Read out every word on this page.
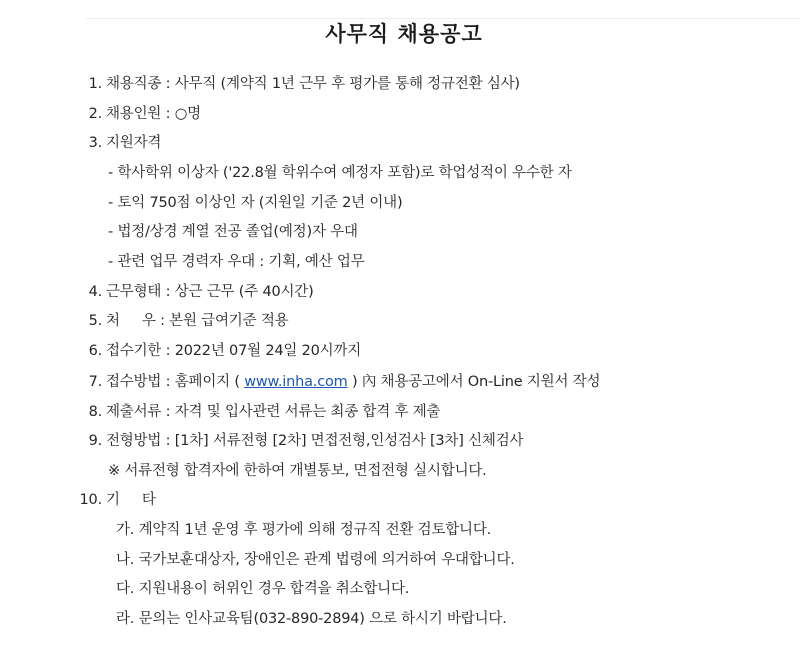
사무직 채용공고
1. 채용직종 : 사무직 (계약직 1년 근무 후 평가를 통해 정규전환 심사)
2. 채용인원 : ○명
3. 지원자격
- 학사학위 이상자 ('22.8월 학위수여 예정자 포함)로 학업성적이 우수한 자
- 토익 750점 이상인 자 (지원일 기준 2년 이내)
- 법정/상경 계열 전공 졸업(예정)자 우대
- 관련 업무 경력자 우대 : 기획, 예산 업무
4. 근무형태 : 상근 근무 (주 40시간)
5. 처     우 : 본원 급여기준 적용
6. 접수기한 : 2022년 07월 24일 20시까지
7. 접수방법 : 홈페이지 ( www.inha.com ) 內 채용공고에서 On-Line 지원서 작성
8. 제출서류 : 자격 및 입사관련 서류는 최종 합격 후 제출
9. 전형방법 : [1차] 서류전형 [2차] 면접전형,인성검사 [3차] 신체검사
※ 서류전형 합격자에 한하여 개별통보, 면접전형 실시합니다.
10. 기     타
가. 계약직 1년 운영 후 평가에 의해 정규직 전환 검토합니다.
나. 국가보훈대상자, 장애인은 관계 법령에 의거하여 우대합니다.
다. 지원내용이 허위인 경우 합격을 취소합니다.
라. 문의는 인사교육팀(032-890-2894) 으로 하시기 바랍니다.
